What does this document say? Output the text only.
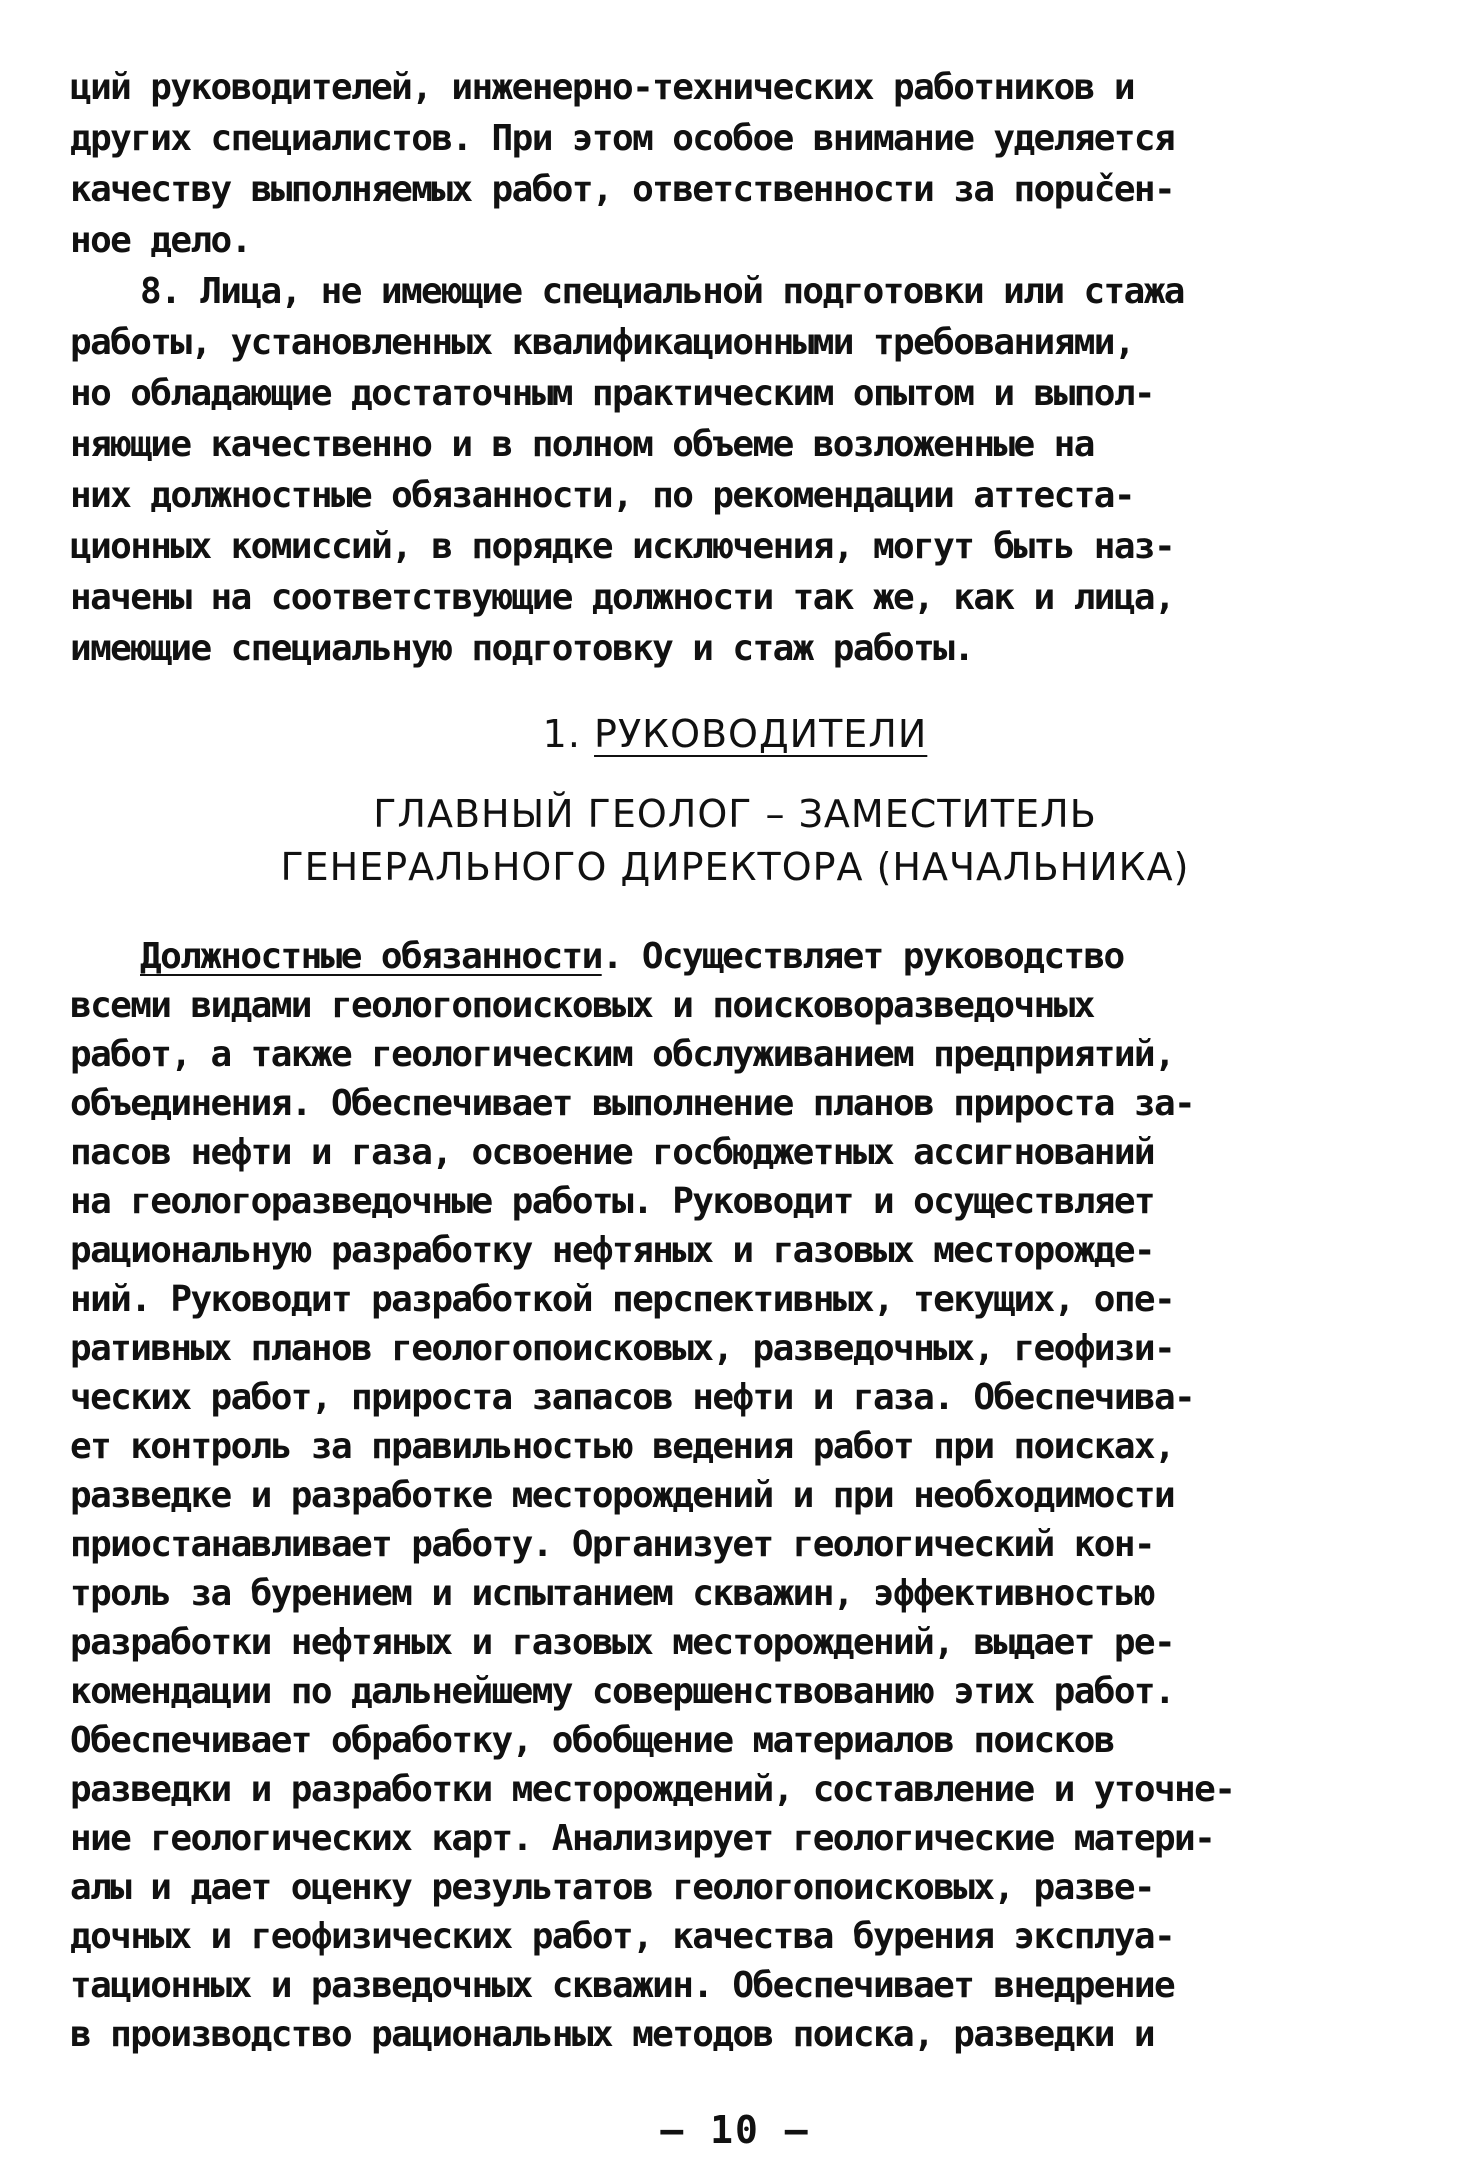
ций руководителей, инженерно-технических работников и
других специалистов. При этом особое внимание уделяется
качеству выполняемых работ, ответственности за порučен-
ное дело.
8. Лица, не имеющие специальной подготовки или стажа
работы, установленных квалификационными требованиями,
но обладающие достаточным практическим опытом и выпол-
няющие качественно и в полном объеме возложенные на
них должностные обязанности, по рекомендации аттеста-
ционных комиссий, в порядке исключения, могут быть наз-
начены на соответствующие должности так же, как и лица,
имеющие специальную подготовку и стаж работы.
1. РУКОВОДИТЕЛИ
ГЛАВНЫЙ ГЕОЛОГ – ЗАМЕСТИТЕЛЬ
ГЕНЕРАЛЬНОГО ДИРЕКТОРА (НАЧАЛЬНИКА)
Должностные обязанности. Осуществляет руководство
всеми видами геологопоисковых и поисковоразведочных
работ, а также геологическим обслуживанием предприятий,
объединения. Обеспечивает выполнение планов прироста за-
пасов нефти и газа, освоение госбюджетных ассигнований
на геологоразведочные работы. Руководит и осуществляет
рациональную разработку нефтяных и газовых месторожде-
ний. Руководит разработкой перспективных, текущих, опе-
ративных планов геологопоисковых, разведочных, геофизи-
ческих работ, прироста запасов нефти и газа. Обеспечива-
ет контроль за правильностью ведения работ при поисках,
разведке и разработке месторождений и при необходимости
приостанавливает работу. Организует геологический кон-
троль за бурением и испытанием скважин, эффективностью
разработки нефтяных и газовых месторождений, выдает ре-
комендации по дальнейшему совершенствованию этих работ.
Обеспечивает обработку, обобщение материалов поисков
разведки и разработки месторождений, составление и уточне-
ние геологических карт. Анализирует геологические матери-
алы и дает оценку результатов геологопоисковых, разве-
дочных и геофизических работ, качества бурения эксплуа-
тационных и разведочных скважин. Обеспечивает внедрение
в производство рациональных методов поиска, разведки и
– 10 –
